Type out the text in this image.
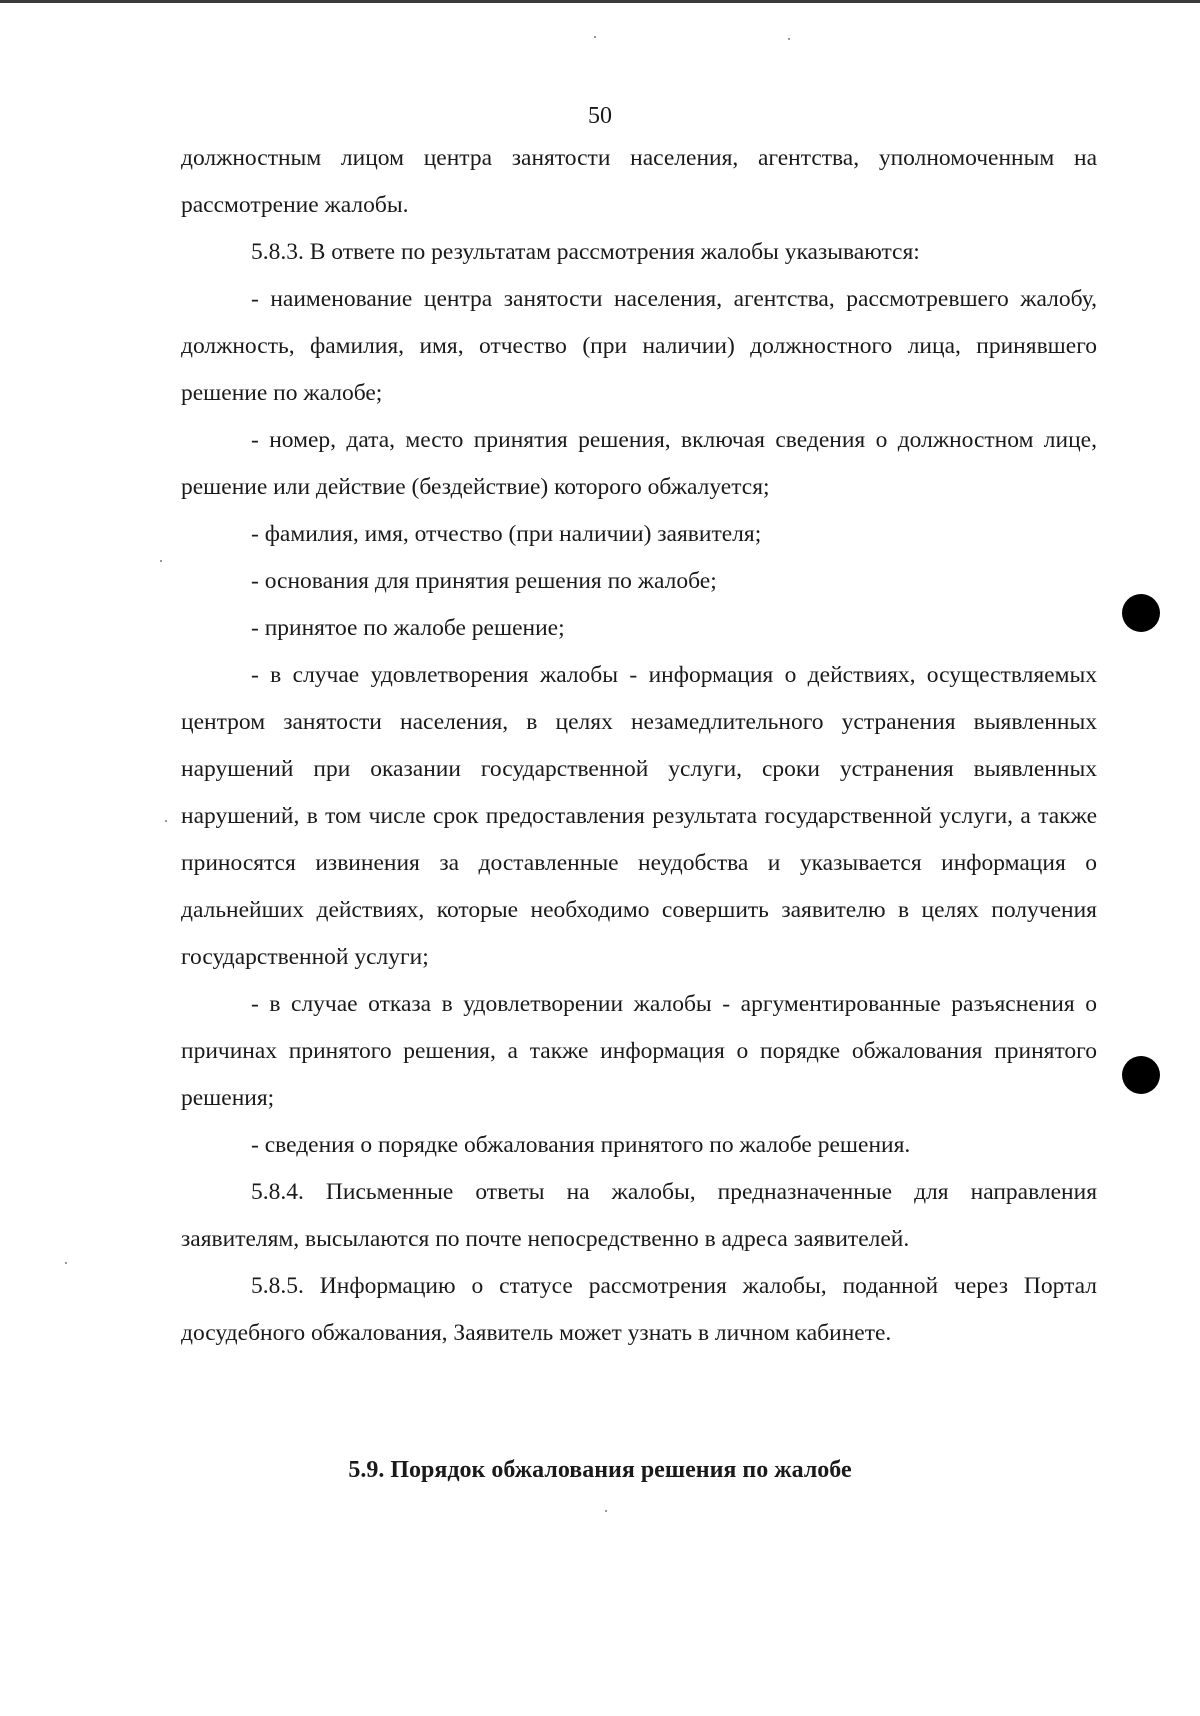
50

должностным лицом центра занятости населения, агентства, уполномоченным на рассмотрение жалобы.

5.8.3. В ответе по результатам рассмотрения жалобы указываются:

- наименование центра занятости населения, агентства, рассмотревшего жалобу, должность, фамилия, имя, отчество (при наличии) должностного лица, принявшего решение по жалобе;

- номер, дата, место принятия решения, включая сведения о должностном лице, решение или действие (бездействие) которого обжалуется;

- фамилия, имя, отчество (при наличии) заявителя;

- основания для принятия решения по жалобе;

- принятое по жалобе решение;

- в случае удовлетворения жалобы - информация о действиях, осуществляемых центром занятости населения, в целях незамедлительного устранения выявленных нарушений при оказании государственной услуги, сроки устранения выявленных нарушений, в том числе срок предоставления результата государственной услуги, а также приносятся извинения за доставленные неудобства и указывается информация о дальнейших действиях, которые необходимо совершить заявителю в целях получения государственной услуги;

- в случае отказа в удовлетворении жалобы - аргументированные разъяснения о причинах принятого решения, а также информация о порядке обжалования принятого решения;

- сведения о порядке обжалования принятого по жалобе решения.

5.8.4. Письменные ответы на жалобы, предназначенные для направления заявителям, высылаются по почте непосредственно в адреса заявителей.

5.8.5. Информацию о статусе рассмотрения жалобы, поданной через Портал досудебного обжалования, Заявитель может узнать в личном кабинете.

5.9. Порядок обжалования решения по жалобе
